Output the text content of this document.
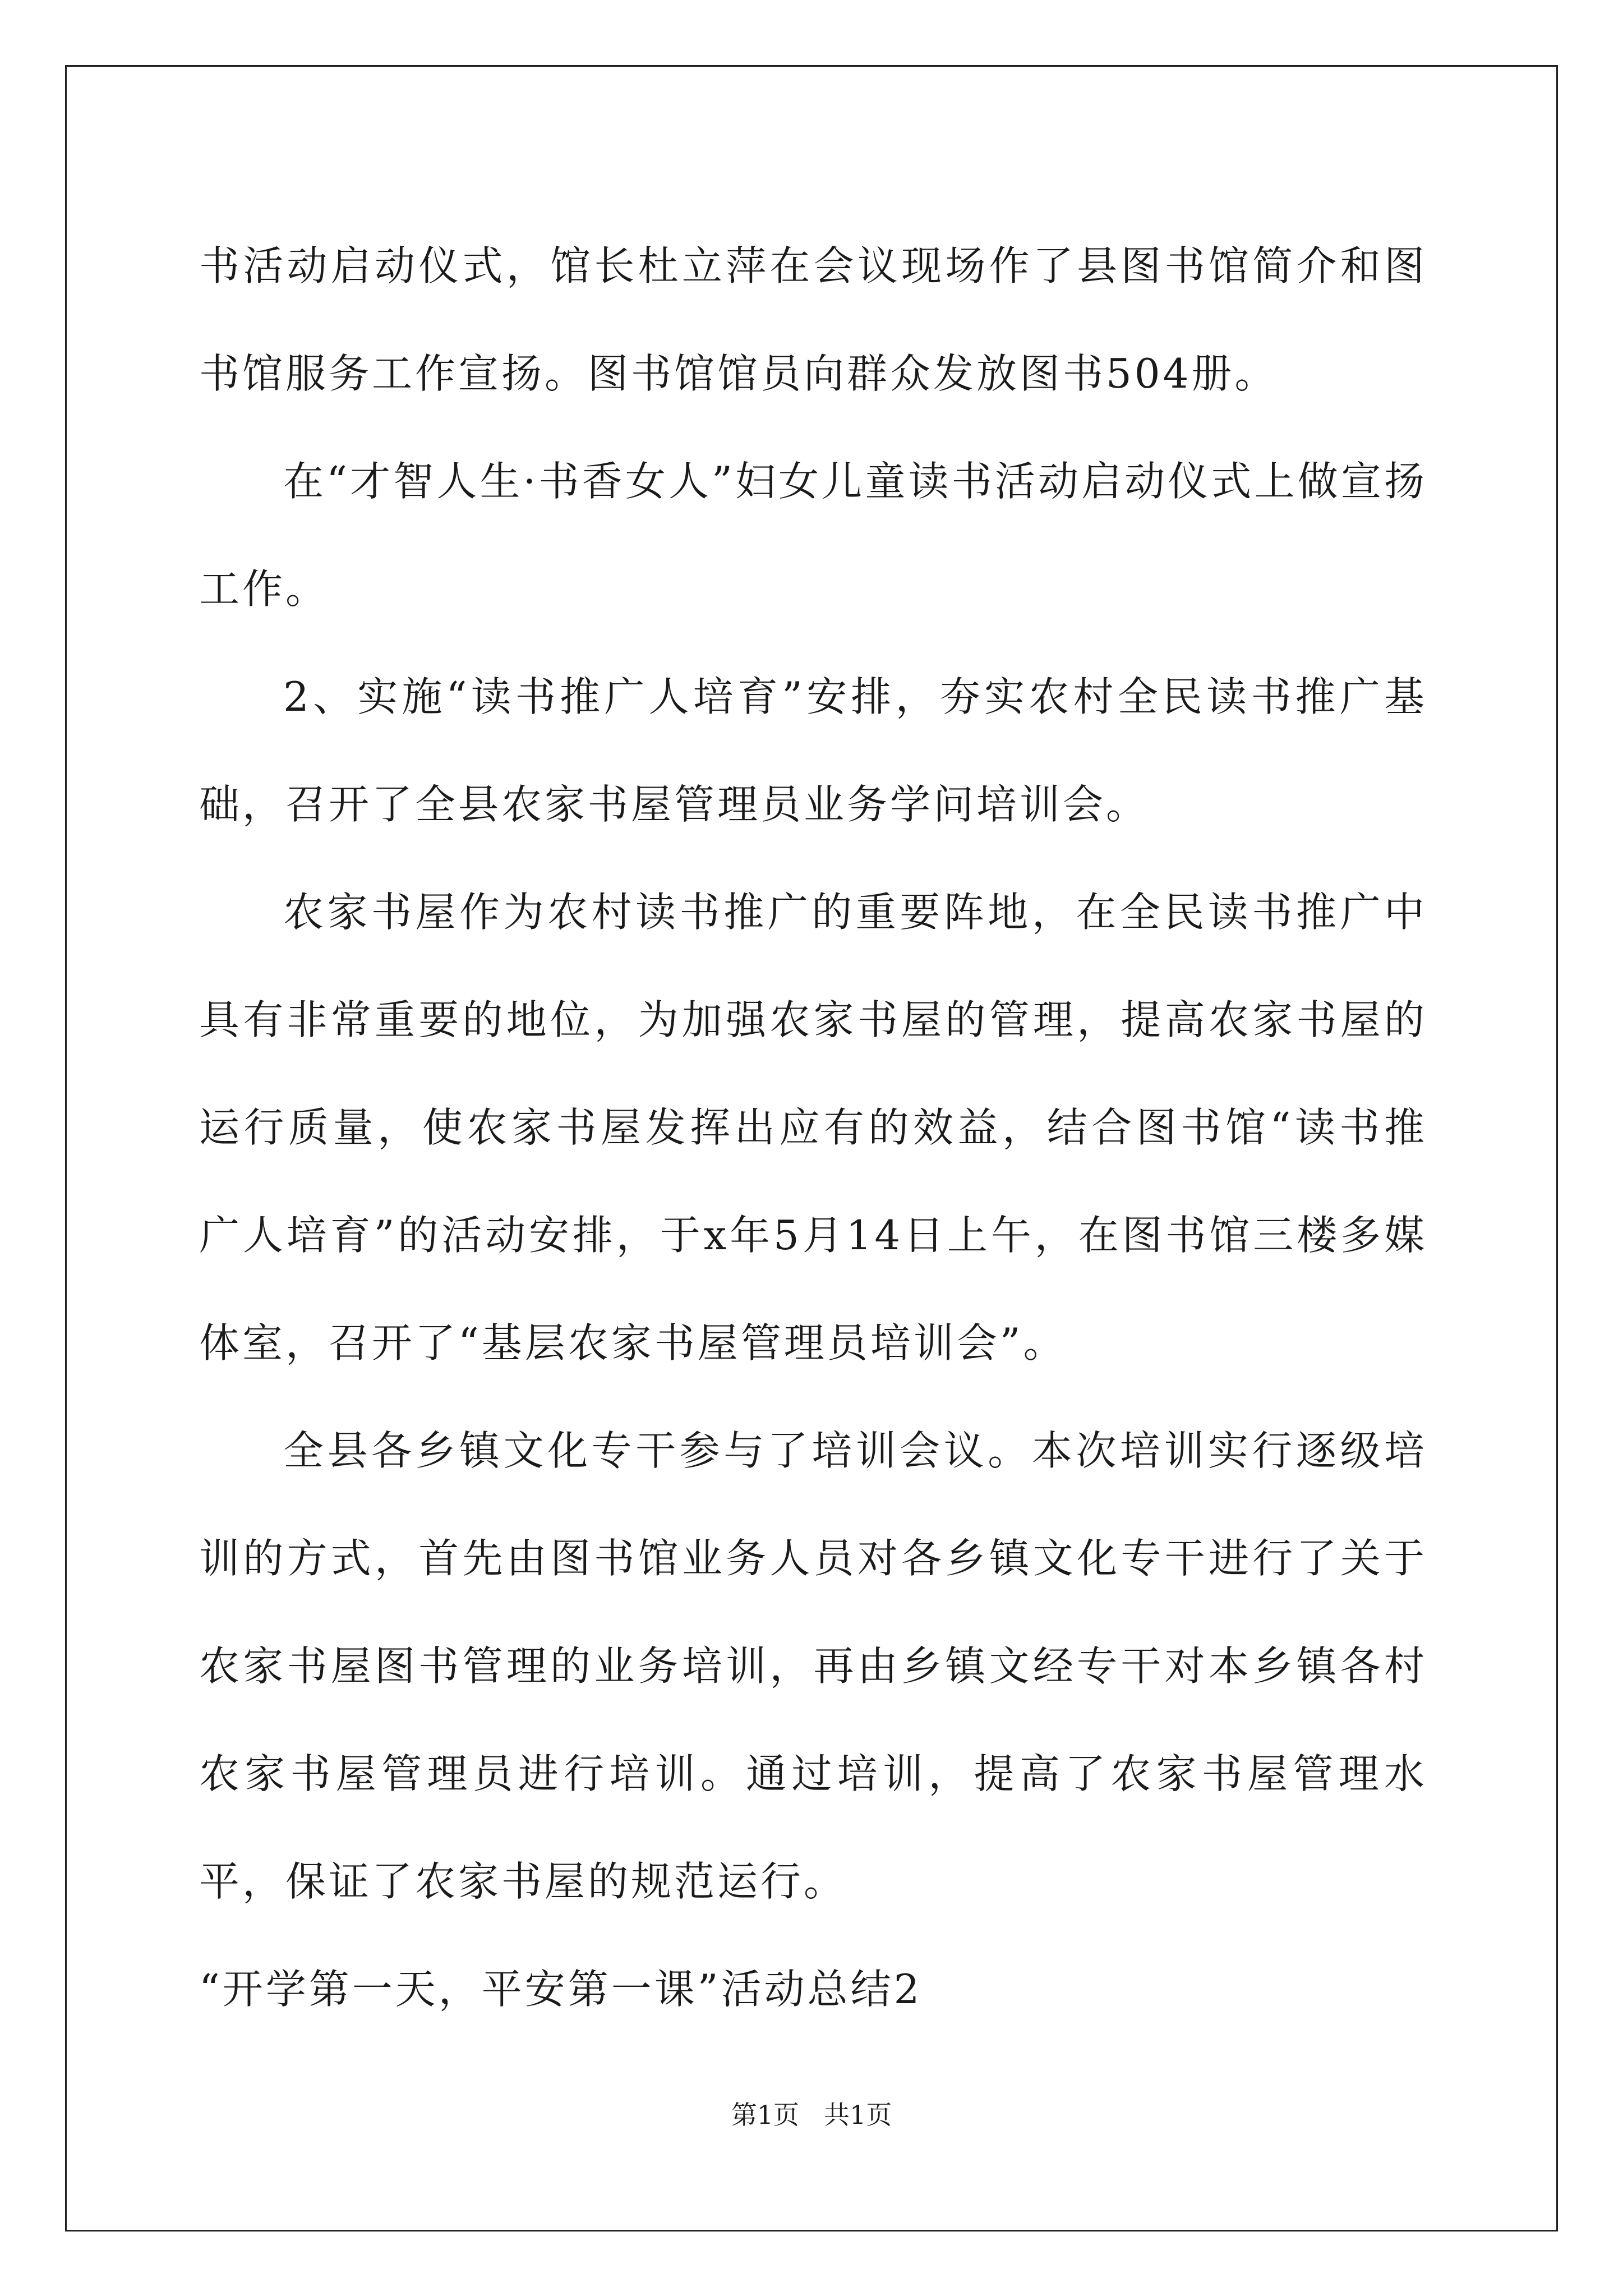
书活动启动仪式，馆长杜立萍在会议现场作了县图书馆简介和图书馆服务工作宣扬。图书馆馆员向群众发放图书504册。

在“才智人生·书香女人”妇女儿童读书活动启动仪式上做宣扬工作。

2、实施“读书推广人培育”安排，夯实农村全民读书推广基础，召开了全县农家书屋管理员业务学问培训会。

农家书屋作为农村读书推广的重要阵地，在全民读书推广中具有非常重要的地位，为加强农家书屋的管理，提高农家书屋的运行质量，使农家书屋发挥出应有的效益，结合图书馆“读书推广人培育”的活动安排，于x年5月14日上午，在图书馆三楼多媒体室，召开了“基层农家书屋管理员培训会”。

全县各乡镇文化专干参与了培训会议。本次培训实行逐级培训的方式，首先由图书馆业务人员对各乡镇文化专干进行了关于农家书屋图书管理的业务培训，再由乡镇文经专干对本乡镇各村农家书屋管理员进行培训。通过培训，提高了农家书屋管理水平，保证了农家书屋的规范运行。

“开学第一天，平安第一课”活动总结2

第1页 共1页
